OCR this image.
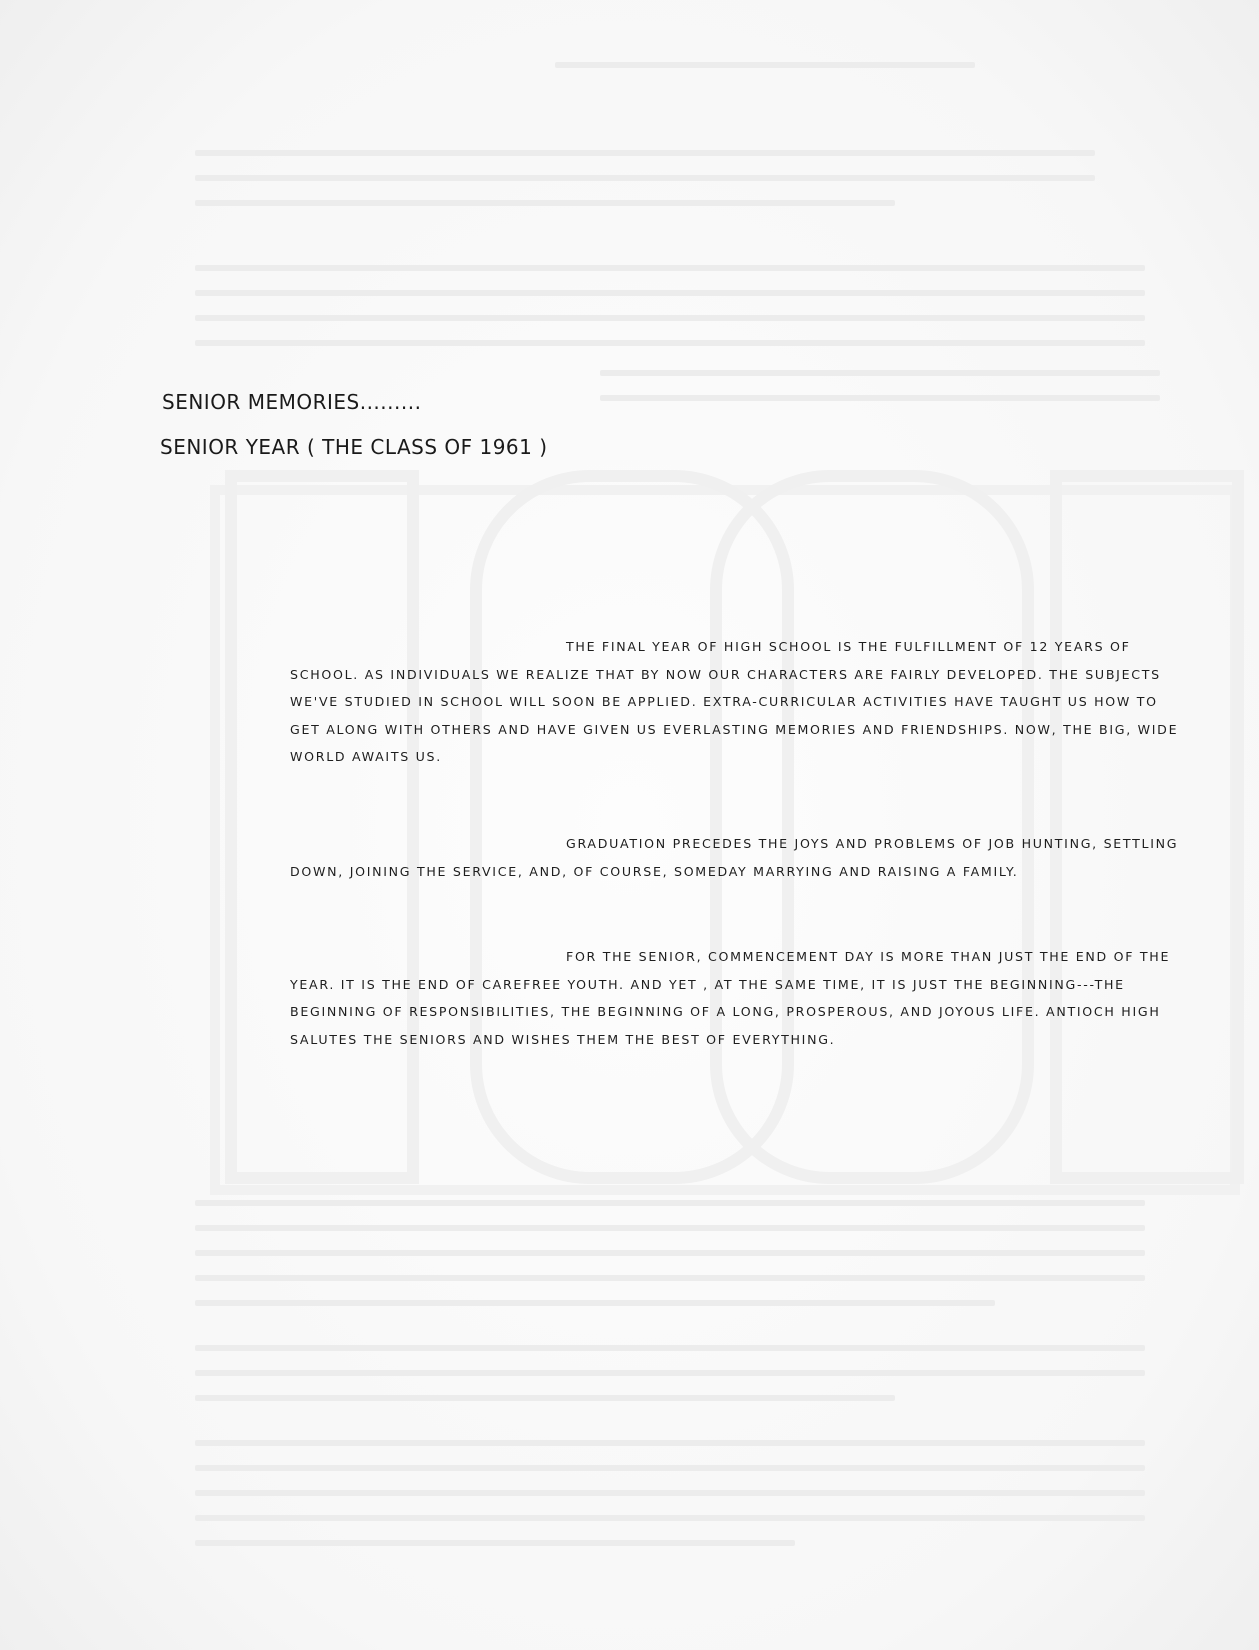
SENIOR MEMORIES.........
SENIOR YEAR ( THE CLASS OF 1961 )

THE FINAL YEAR OF HIGH SCHOOL IS THE FULFILLMENT OF 12 YEARS OF SCHOOL. AS INDIVIDUALS WE REALIZE THAT BY NOW OUR CHARACTERS ARE FAIRLY DEVELOPED. THE SUBJECTS WE'VE STUDIED IN SCHOOL WILL SOON BE APPLIED. EXTRA-CURRICULAR ACTIVITIES HAVE TAUGHT US HOW TO GET ALONG WITH OTHERS AND HAVE GIVEN US EVERLASTING MEMORIES AND FRIENDSHIPS. NOW, THE BIG, WIDE WORLD AWAITS US.

GRADUATION PRECEDES THE JOYS AND PROBLEMS OF JOB HUNTING, SETTLING DOWN, JOINING THE SERVICE, AND, OF COURSE, SOMEDAY MARRYING AND RAISING A FAMILY.

FOR THE SENIOR, COMMENCEMENT DAY IS MORE THAN JUST THE END OF THE YEAR. IT IS THE END OF CAREFREE YOUTH. AND YET , AT THE SAME TIME, IT IS JUST THE BEGINNING---THE BEGINNING OF RESPONSIBILITIES, THE BEGINNING OF A LONG, PROSPEROUS, AND JOYOUS LIFE. ANTIOCH HIGH SALUTES THE SENIORS AND WISHES THEM THE BEST OF EVERYTHING.
